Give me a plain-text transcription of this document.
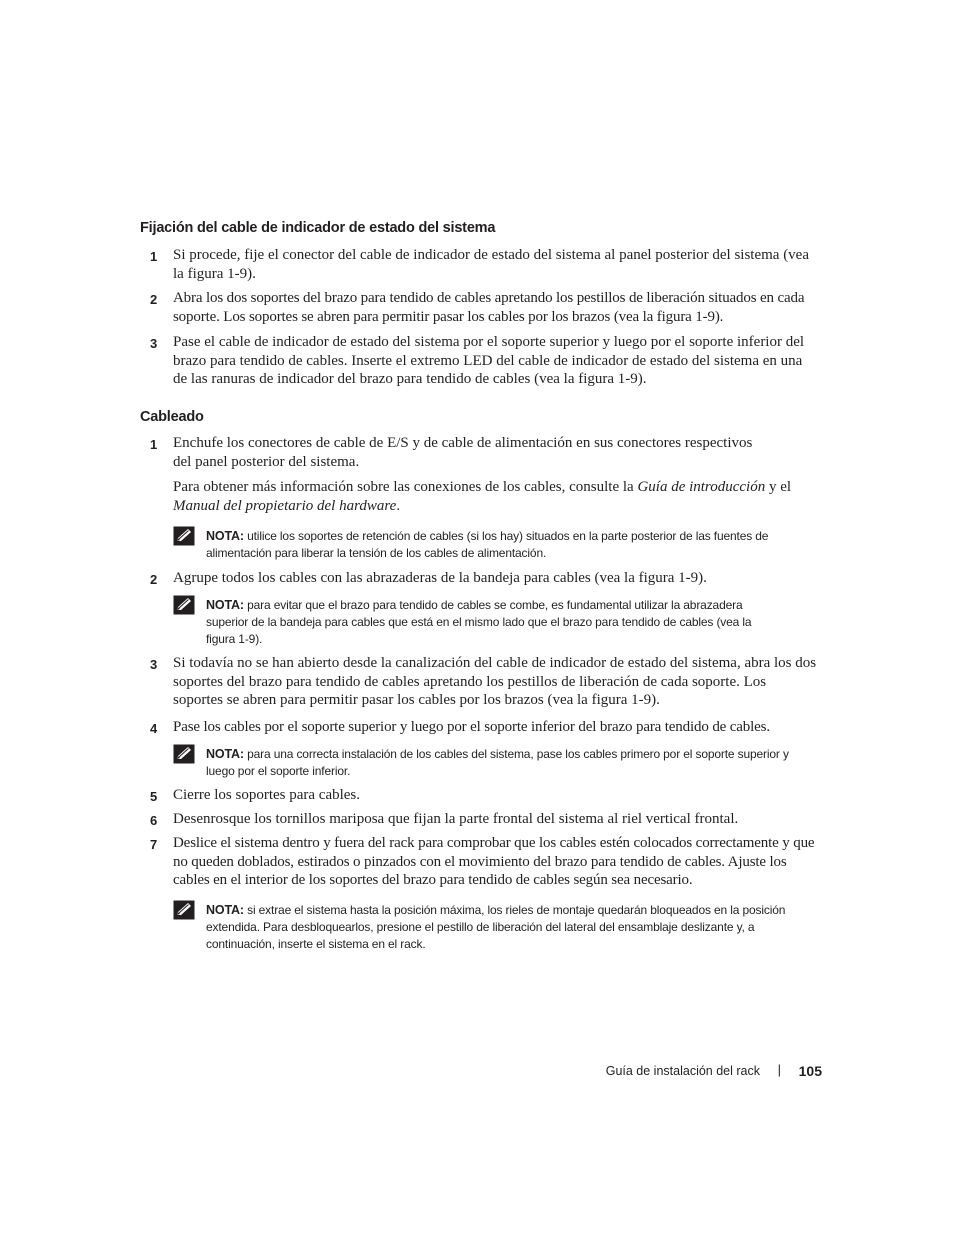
Fijación del cable de indicador de estado del sistema
1	Si procede, fije el conector del cable de indicador de estado del sistema al panel posterior del sistema (vea la figura 1-9).

2	Abra los dos soportes del brazo para tendido de cables apretando los pestillos de liberación situados en cada soporte. Los soportes se abren para permitir pasar los cables por los brazos (vea la figura 1-9).

3	Pase el cable de indicador de estado del sistema por el soporte superior y luego por el soporte inferior del brazo para tendido de cables. Inserte el extremo LED del cable de indicador de estado del sistema en una de las ranuras de indicador del brazo para tendido de cables (vea la figura 1-9).

Cableado
1	Enchufe los conectores de cable de E/S y de cable de alimentación en sus conectores respectivos
del panel posterior del sistema.

Para obtener más información sobre las conexiones de los cables, consulte la Guía de introducción y el Manual del propietario del hardware.

NOTA: utilice los soportes de retención de cables (si los hay) situados en la parte posterior de las fuentes de alimentación para liberar la tensión de los cables de alimentación.

2	Agrupe todos los cables con las abrazaderas de la bandeja para cables (vea la figura 1-9).

NOTA: para evitar que el brazo para tendido de cables se combe, es fundamental utilizar la abrazadera superior de la bandeja para cables que está en el mismo lado que el brazo para tendido de cables (vea la figura 1-9).

3	Si todavía no se han abierto desde la canalización del cable de indicador de estado del sistema, abra los dos soportes del brazo para tendido de cables apretando los pestillos de liberación de cada soporte. Los soportes se abren para permitir pasar los cables por los brazos (vea la figura 1-9).

4	Pase los cables por el soporte superior y luego por el soporte inferior del brazo para tendido de cables.

NOTA: para una correcta instalación de los cables del sistema, pase los cables primero por el soporte superior y luego por el soporte inferior.

5	Cierre los soportes para cables.

6	Desenrosque los tornillos mariposa que fijan la parte frontal del sistema al riel vertical frontal.

7	Deslice el sistema dentro y fuera del rack para comprobar que los cables estén colocados correctamente y que no queden doblados, estirados o pinzados con el movimiento del brazo para tendido de cables. Ajuste los cables en el interior de los soportes del brazo para tendido de cables según sea necesario.

NOTA: si extrae el sistema hasta la posición máxima, los rieles de montaje quedarán bloqueados en la posición extendida. Para desbloquearlos, presione el pestillo de liberación del lateral del ensamblaje deslizante y, a continuación, inserte el sistema en el rack.

Guía de instalación del rack | 105
